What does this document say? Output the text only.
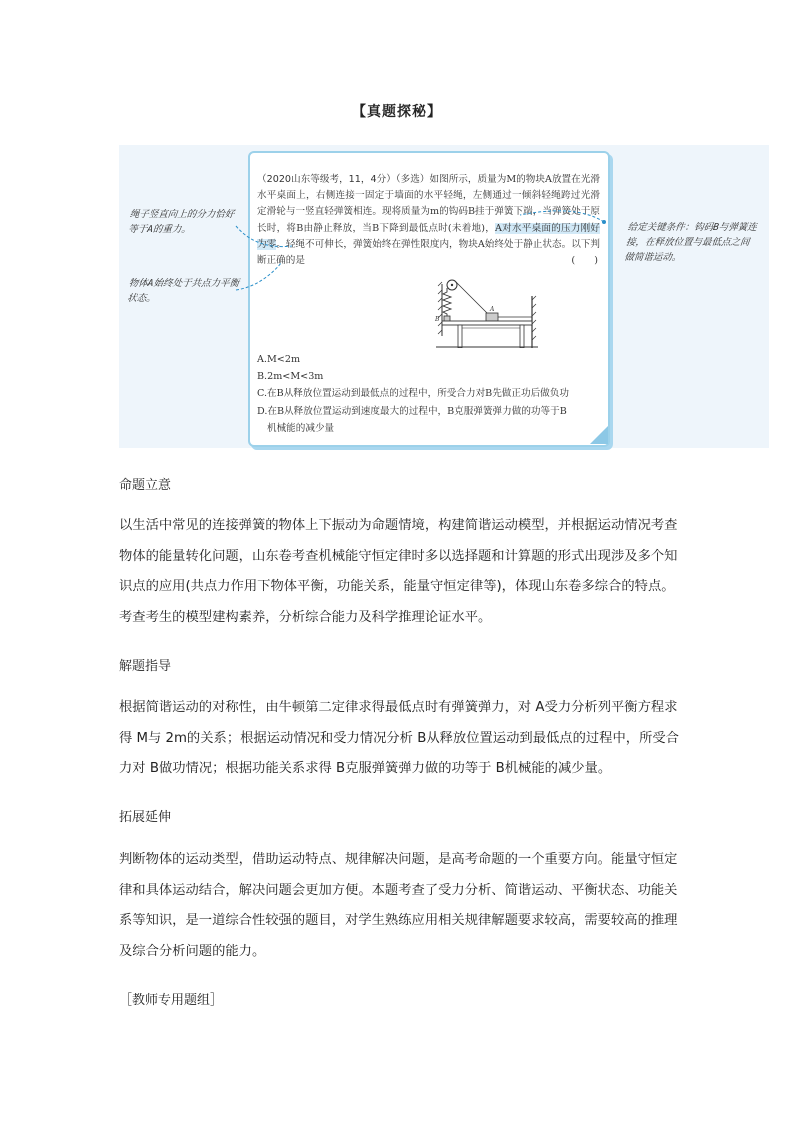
【真题探秘】
（2020山东等级考，11，4分）（多选）如图所示，质量为M的物块A放置在光滑水平桌面上，右侧连接一固定于墙面的水平轻绳，左侧通过一倾斜轻绳跨过光滑定滑轮与一竖直轻弹簧相连。现将质量为m的钩码B挂于弹簧下端，当弹簧处于原长时，将B由静止释放，当B下降到最低点时(未着地)，A对水平桌面的压力刚好为零。轻绳不可伸长，弹簧始终在弹性限度内，物块A始终处于静止状态。以下判断正确的是	(　　)
B
A
A.M<2m
B.2m<M<3m
C.在B从释放位置运动到最低点的过程中，所受合力对B先做正功后做负功
D.在B从释放位置运动到速度最大的过程中，B克服弹簧弹力做的功等于B
机械能的减少量
绳子竖直向上的分力恰好等于A的重力。
物体A始终处于共点力平衡状态。
给定关键条件：钩码B与弹簧连接，在释放位置与最低点之间做简谐运动。
命题立意
以生活中常见的连接弹簧的物体上下振动为命题情境，构建简谐运动模型，并根据运动情况考查物体的能量转化问题，山东卷考查机械能守恒定律时多以选择题和计算题的形式出现涉及多个知识点的应用(共点力作用下物体平衡，功能关系，能量守恒定律等)，体现山东卷多综合的特点。考查考生的模型建构素养，分析综合能力及科学推理论证水平。
解题指导
根据简谐运动的对称性，由牛顿第二定律求得最低点时有弹簧弹力，对 A受力分析列平衡方程求得 M与 2m的关系；根据运动情况和受力情况分析 B从释放位置运动到最低点的过程中，所受合力对 B做功情况；根据功能关系求得 B克服弹簧弹力做的功等于 B机械能的减少量。
拓展延伸
判断物体的运动类型，借助运动特点、规律解决问题，是高考命题的一个重要方向。能量守恒定律和具体运动结合，解决问题会更加方便。本题考查了受力分析、简谐运动、平衡状态、功能关系等知识，是一道综合性较强的题目，对学生熟练应用相关规律解题要求较高，需要较高的推理及综合分析问题的能力。
［教师专用题组］
